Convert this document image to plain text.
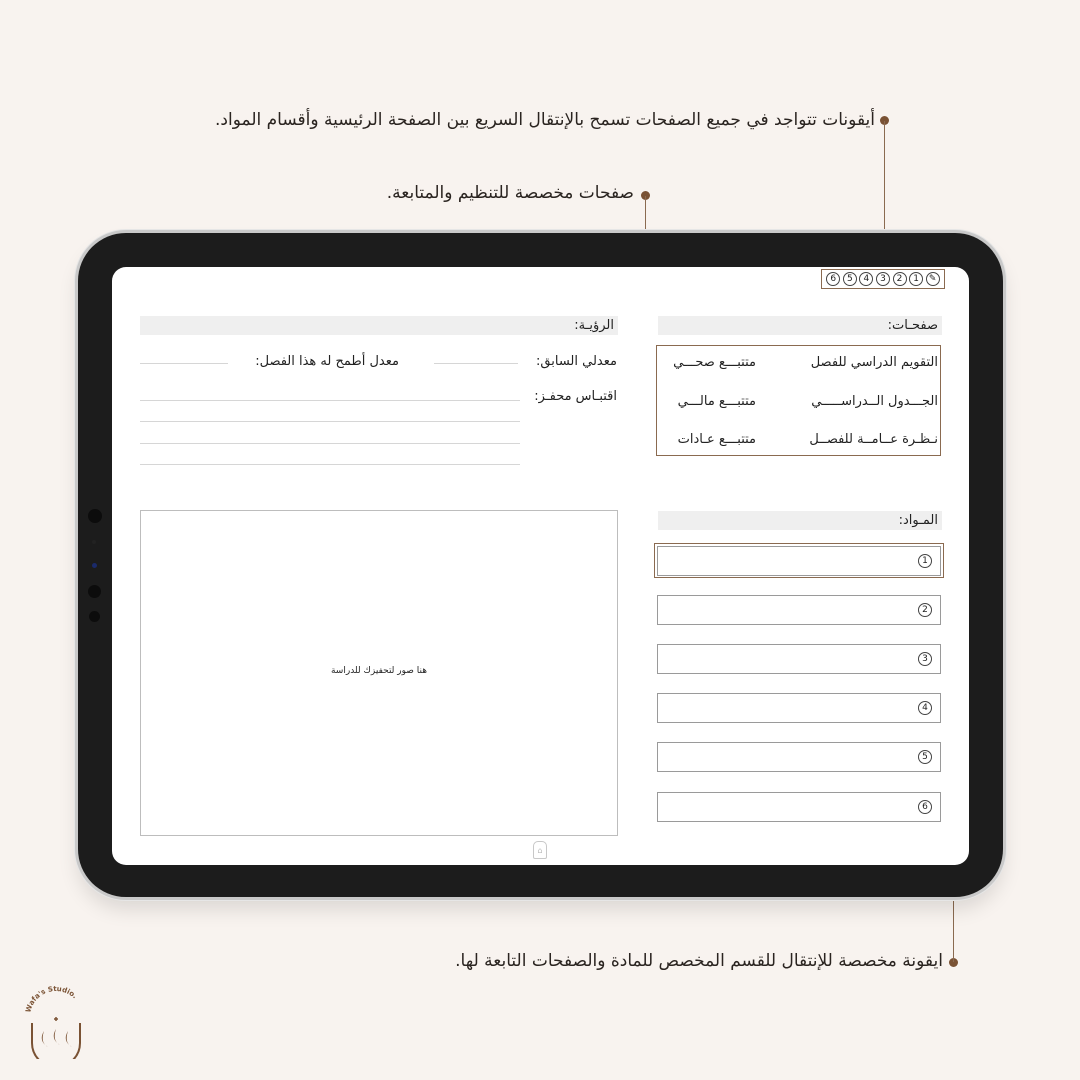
أيقونات تتواجد في جميع الصفحات تسمح بالإنتقال السريع بين الصفحة الرئيسية وأقسام المواد.
صفحات مخصصة للتنظيم والمتابعة.
ايقونة مخصصة للإنتقال للقسم المخصص للمادة والصفحات التابعة لها.
✎
1
2
3
4
5
6
صفحـات:
التقويم الدراسي للفصل
الجـــدول الــدراســـــي
نـظـرة عــامــة للفصــل
متتبـــع صحـــي
متتبـــع مالـــي
متتبـــع عـادات
الرؤيـة:
معدلي السابق:
معدل أطمح له هذا الفصل:
اقتبـاس محفـز:
هنا صور لتحفيزك للدراسة
المـواد:
1
2
3
4
5
6
⌂
Wafa's Studio.
